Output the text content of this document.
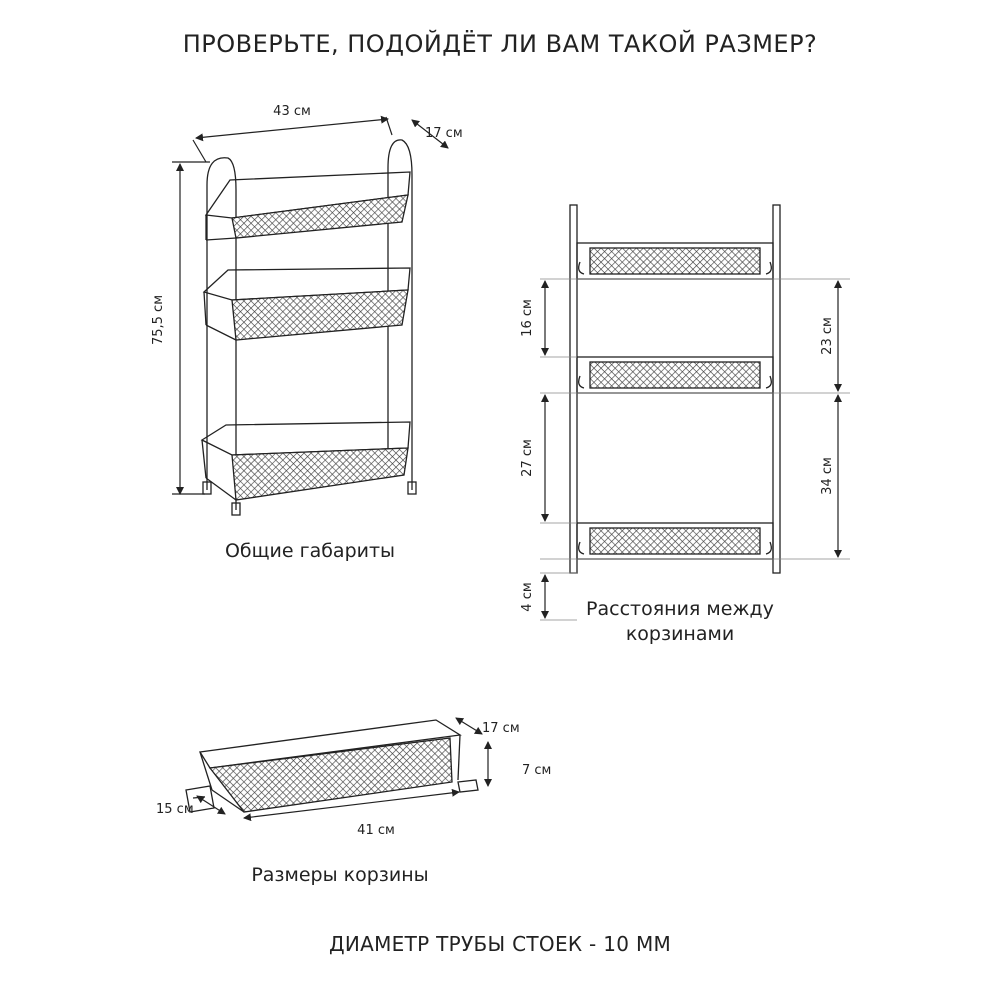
ПРОВЕРЬТЕ, ПОДОЙДЁТ ЛИ ВАМ ТАКОЙ РАЗМЕР?
43 см
17 см
75,5 см	16 см
27 см
4 см
23 см
34 см
17 см
7 см
15 см
41 см
Общие габариты
Расстояния между
корзинами
Размеры корзины
ДИАМЕТР ТРУБЫ СТОЕК - 10 ММ
